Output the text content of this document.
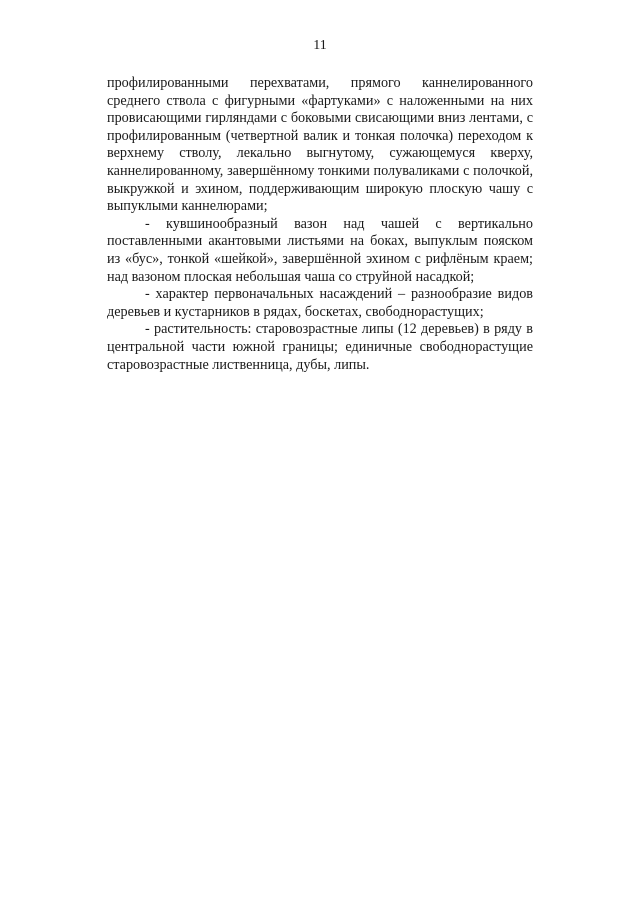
11

профилированными перехватами, прямого каннелированного среднего ствола с фигурными «фартуками» с наложенными на них провисающими гирляндами с боковыми свисающими вниз лентами, с профилированным (четвертной валик и тонкая полочка) переходом к верхнему стволу, лекально выгнутому, сужающемуся кверху, каннелированному, завершённому тонкими полуваликами с полочкой, выкружкой и эхином, поддерживающим широкую плоскую чашу с выпуклыми каннелюрами;

- кувшинообразный вазон над чашей с вертикально поставленными акантовыми листьями на боках, выпуклым пояском из «бус», тонкой «шейкой», завершённой эхином с рифлёным краем; над вазоном плоская небольшая чаша со струйной насадкой;

- характер первоначальных насаждений – разнообразие видов деревьев и кустарников в рядах, боскетах, свободнорастущих;

- растительность: старовозрастные липы (12 деревьев) в ряду в центральной части южной границы; единичные свободнорастущие старовозрастные лиственница, дубы, липы.
